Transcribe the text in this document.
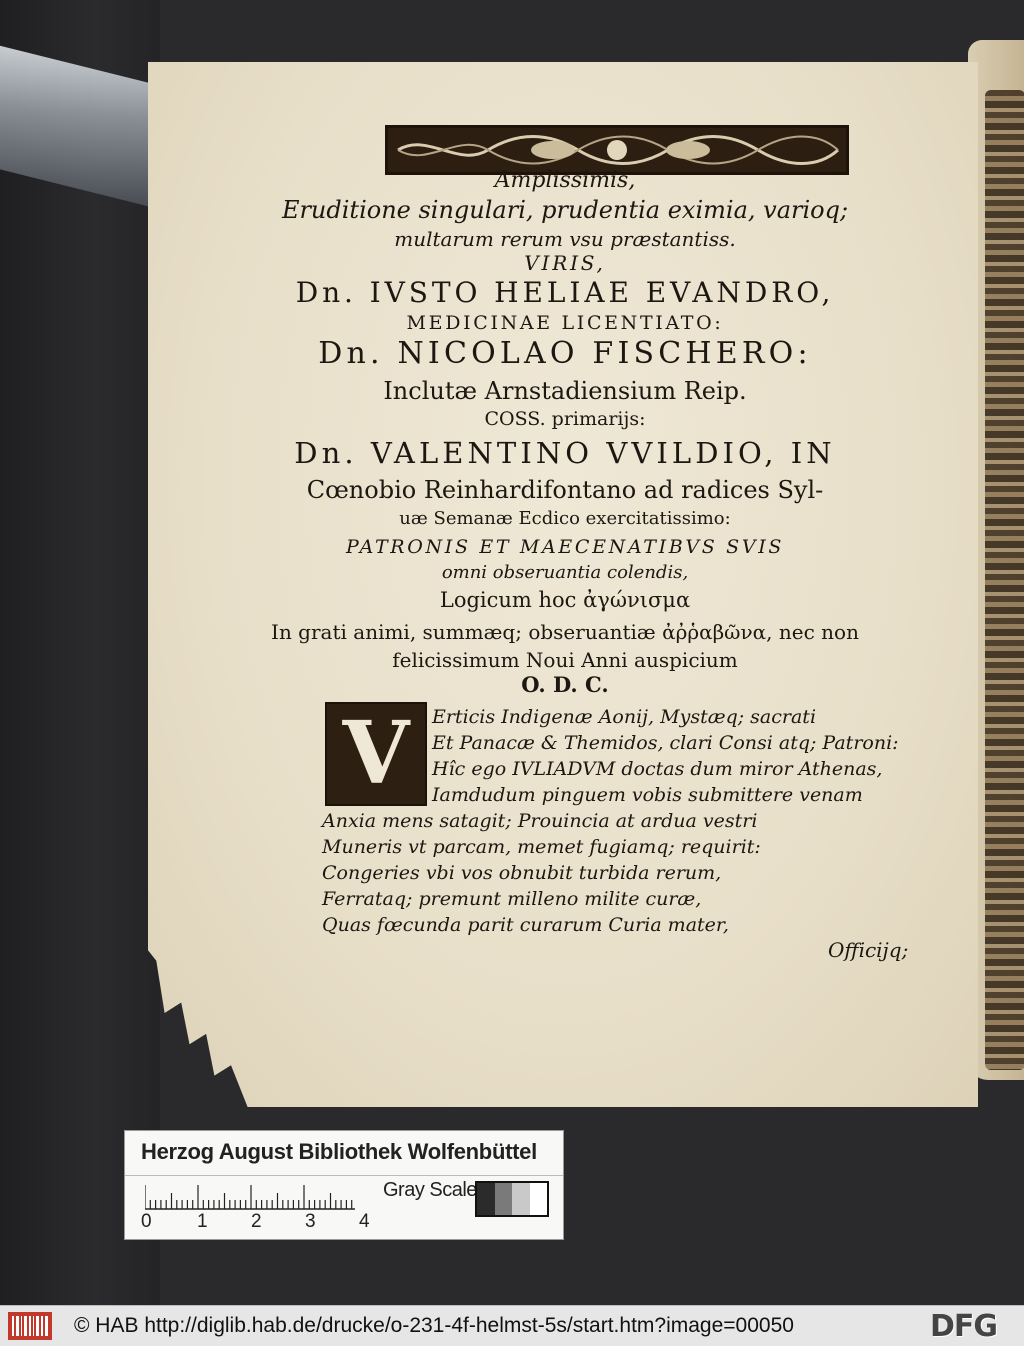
Amplissimis,
Eruditione singulari, prudentia eximia, varioq;
multarum rerum vsu præstantiss.
VIRIS,
Dn. IVSTO HELIAE EVANDRO,
MEDICINAE LICENTIATO:
Dn. NICOLAO FISCHERO:
Inclutæ Arnstadiensium Reip.
COSS. primarijs:
Dn. VALENTINO VVILDIO, IN
Cœnobio Reinhardifontano ad radices Syl-
uæ Semanæ Ecdico exercitatissimo:
PATRONIS ET MAECENATIBVS SVIS
omni obseruantia colendis,
Logicum hoc ἀγώνισμα
In grati animi, summæq; obseruantiæ ἀῤῥαβῶνα, nec non
felicissimum Noui Anni auspicium
O. D. C.
V Erticis Indigenæ Aonij, Mystæq; sacrati
Et Panacæ & Themidos, clari Consi atq; Patroni:
Hîc ego IVLIADVM doctas dum miror Athenas,
Iamdudum pinguem vobis submittere venam
Anxia mens satagit; Prouincia at ardua vestri
Muneris vt parcam, memet fugiamq; requirit:
Congeries vbi vos obnubit turbida rerum,
Ferrataq; premunt milleno milite curæ,
Quas fœcunda parit curarum Curia mater,
Officijq;
Herzog August Bibliothek Wolfenbüttel
0 1 2 3 4
Gray Scale
© HAB http://diglib.hab.de/drucke/o-231-4f-helmst-5s/start.htm?image=00050	DFG
